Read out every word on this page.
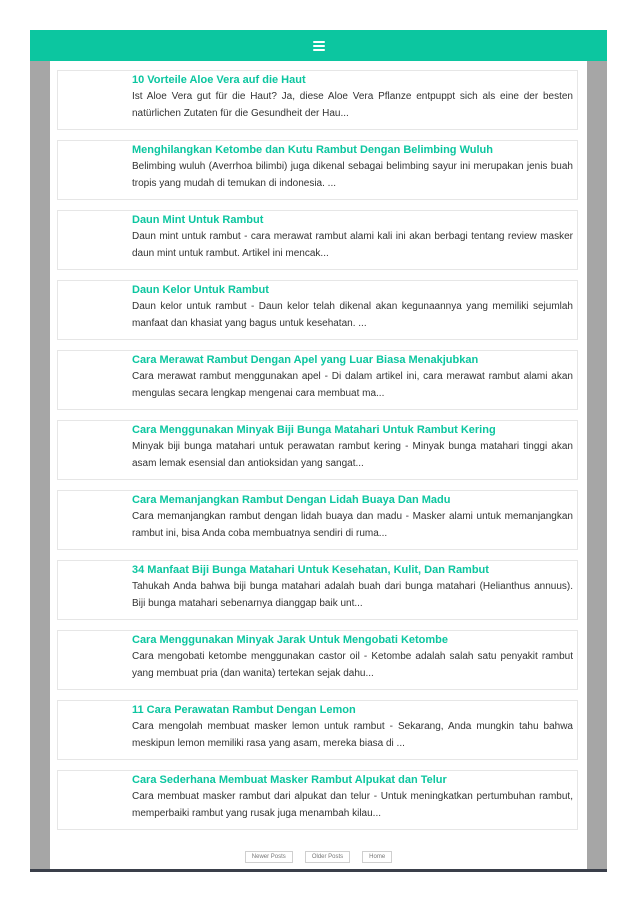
10 Vorteile Aloe Vera auf die Haut
Ist Aloe Vera gut für die Haut? Ja, diese Aloe Vera Pflanze entpuppt sich als eine der besten natürlichen Zutaten für die Gesundheit der Hau...
Menghilangkan Ketombe dan Kutu Rambut Dengan Belimbing Wuluh
Belimbing wuluh (Averrhoa bilimbi) juga dikenal sebagai belimbing sayur ini merupakan jenis buah tropis yang mudah di temukan di indonesia. ...
Daun Mint Untuk Rambut
Daun mint untuk rambut - cara merawat rambut alami kali ini akan berbagi tentang review masker daun mint untuk rambut. Artikel ini mencak...
Daun Kelor Untuk Rambut
Daun kelor untuk rambut - Daun kelor telah dikenal akan kegunaannya yang memiliki sejumlah manfaat dan khasiat yang bagus untuk kesehatan. ...
Cara Merawat Rambut Dengan Apel yang Luar Biasa Menakjubkan
Cara merawat rambut menggunakan apel - Di dalam artikel ini, cara merawat rambut alami akan mengulas secara lengkap mengenai cara membuat ma...
Cara Menggunakan Minyak Biji Bunga Matahari Untuk Rambut Kering
Minyak biji bunga matahari untuk perawatan rambut kering - Minyak bunga matahari tinggi akan asam lemak esensial dan antioksidan yang sangat...
Cara Memanjangkan Rambut Dengan Lidah Buaya Dan Madu
Cara memanjangkan rambut dengan lidah buaya dan madu - Masker alami untuk memanjangkan rambut ini, bisa Anda coba membuatnya sendiri di ruma...
34 Manfaat Biji Bunga Matahari Untuk Kesehatan, Kulit, Dan Rambut
Tahukah Anda bahwa biji bunga matahari adalah buah dari bunga matahari (Helianthus annuus). Biji bunga matahari sebenarnya dianggap baik unt...
Cara Menggunakan Minyak Jarak Untuk Mengobati Ketombe
Cara mengobati ketombe menggunakan castor oil - Ketombe adalah salah satu penyakit rambut yang membuat pria (dan wanita) tertekan sejak dahu...
11 Cara Perawatan Rambut Dengan Lemon
Cara mengolah membuat masker lemon untuk rambut - Sekarang, Anda mungkin tahu bahwa meskipun lemon memiliki rasa yang asam, mereka biasa di ...
Cara Sederhana Membuat Masker Rambut Alpukat dan Telur
Cara membuat masker rambut dari alpukat dan telur - Untuk meningkatkan pertumbuhan rambut, memperbaiki rambut yang rusak juga menambah kilau...
Newer Posts	Older Posts	Home
